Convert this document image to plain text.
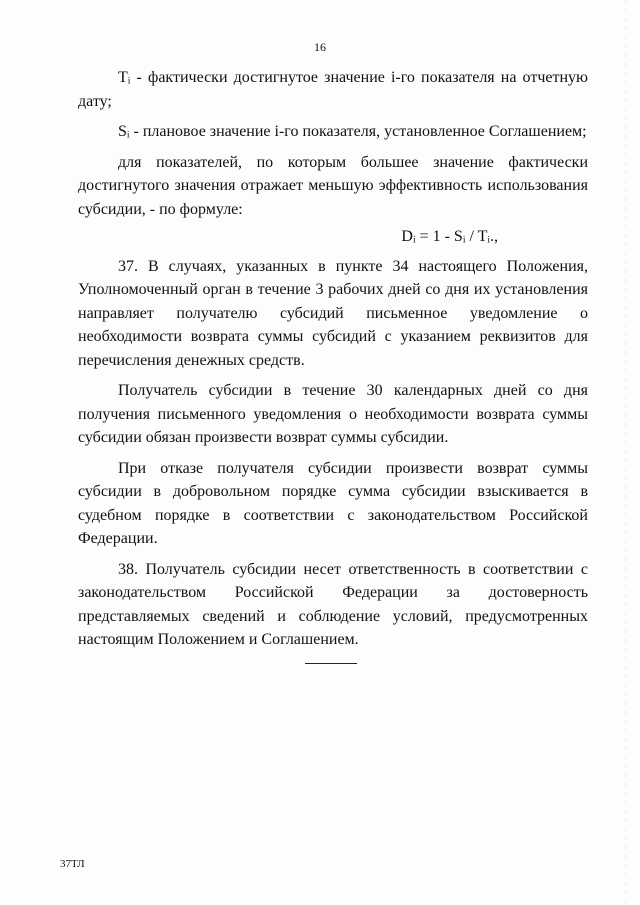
16

Tᵢ - фактически достигнутое значение i-го показателя на отчетную дату;

Sᵢ - плановое значение i-го показателя, установленное Соглашением;

для показателей, по которым большее значение фактически достигнутого значения отражает меньшую эффективность использования субсидии, - по формуле:

Dᵢ = 1 - Sᵢ / Tᵢ.,

37. В случаях, указанных в пункте 34 настоящего Положения, Уполномоченный орган в течение 3 рабочих дней со дня их установления направляет получателю субсидий письменное уведомление о необходимости возврата суммы субсидий с указанием реквизитов для перечисления денежных средств.

Получатель субсидии в течение 30 календарных дней со дня получения письменного уведомления о необходимости возврата суммы субсидии обязан произвести возврат суммы субсидии.

При отказе получателя субсидии произвести возврат суммы субсидии в добровольном порядке сумма субсидии взыскивается в судебном порядке в соответствии с законодательством Российской Федерации.

38. Получатель субсидии несет ответственность в соответствии с законодательством Российской Федерации за достоверность представляемых сведений и соблюдение условий, предусмотренных настоящим Положением и Соглашением.

37ТЛ
